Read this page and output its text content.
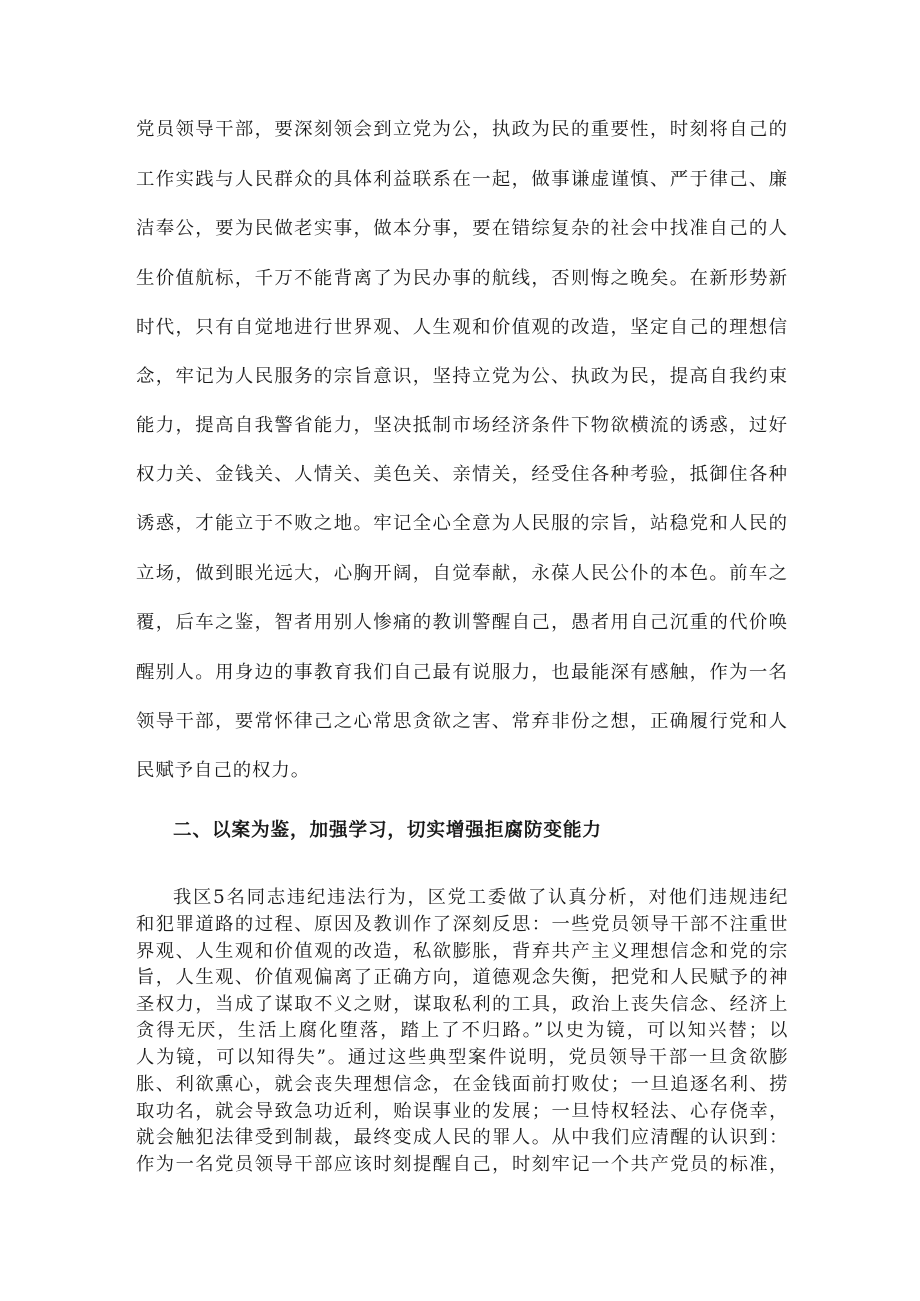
党员领导干部，要深刻领会到立党为公，执政为民的重要性，时刻将自己的
工作实践与人民群众的具体利益联系在一起，做事谦虚谨慎、严于律己、廉
洁奉公，要为民做老实事，做本分事，要在错综复杂的社会中找准自己的人
生价值航标，千万不能背离了为民办事的航线，否则悔之晚矣。在新形势新
时代，只有自觉地进行世界观、人生观和价值观的改造，坚定自己的理想信
念，牢记为人民服务的宗旨意识，坚持立党为公、执政为民，提高自我约束
能力，提高自我警省能力，坚决抵制市场经济条件下物欲横流的诱惑，过好
权力关、金钱关、人情关、美色关、亲情关，经受住各种考验，抵御住各种
诱惑，才能立于不败之地。牢记全心全意为人民服的宗旨，站稳党和人民的
立场，做到眼光远大，心胸开阔，自觉奉献，永葆人民公仆的本色。前车之
覆，后车之鉴，智者用别人惨痛的教训警醒自己，愚者用自己沉重的代价唤
醒别人。用身边的事教育我们自己最有说服力，也最能深有感触，作为一名
领导干部，要常怀律己之心常思贪欲之害、常弃非份之想，正确履行党和人
民赋予自己的权力。
二、以案为鉴，加强学习，切实增强拒腐防变能力
我区5名同志违纪违法行为，区党工委做了认真分析，对他们违规违纪
和犯罪道路的过程、原因及教训作了深刻反思：一些党员领导干部不注重世
界观、人生观和价值观的改造，私欲膨胀，背弃共产主义理想信念和党的宗
旨，人生观、价值观偏离了正确方向，道德观念失衡，把党和人民赋予的神
圣权力，当成了谋取不义之财，谋取私利的工具，政治上丧失信念、经济上
贪得无厌，生活上腐化堕落，踏上了不归路。”以史为镜，可以知兴替；以
人为镜，可以知得失”。通过这些典型案件说明，党员领导干部一旦贪欲膨
胀、利欲熏心，就会丧失理想信念，在金钱面前打败仗；一旦追逐名利、捞
取功名，就会导致急功近利，贻误事业的发展；一旦恃权轻法、心存侥幸，
就会触犯法律受到制裁，最终变成人民的罪人。从中我们应清醒的认识到：
作为一名党员领导干部应该时刻提醒自己，时刻牢记一个共产党员的标准，
